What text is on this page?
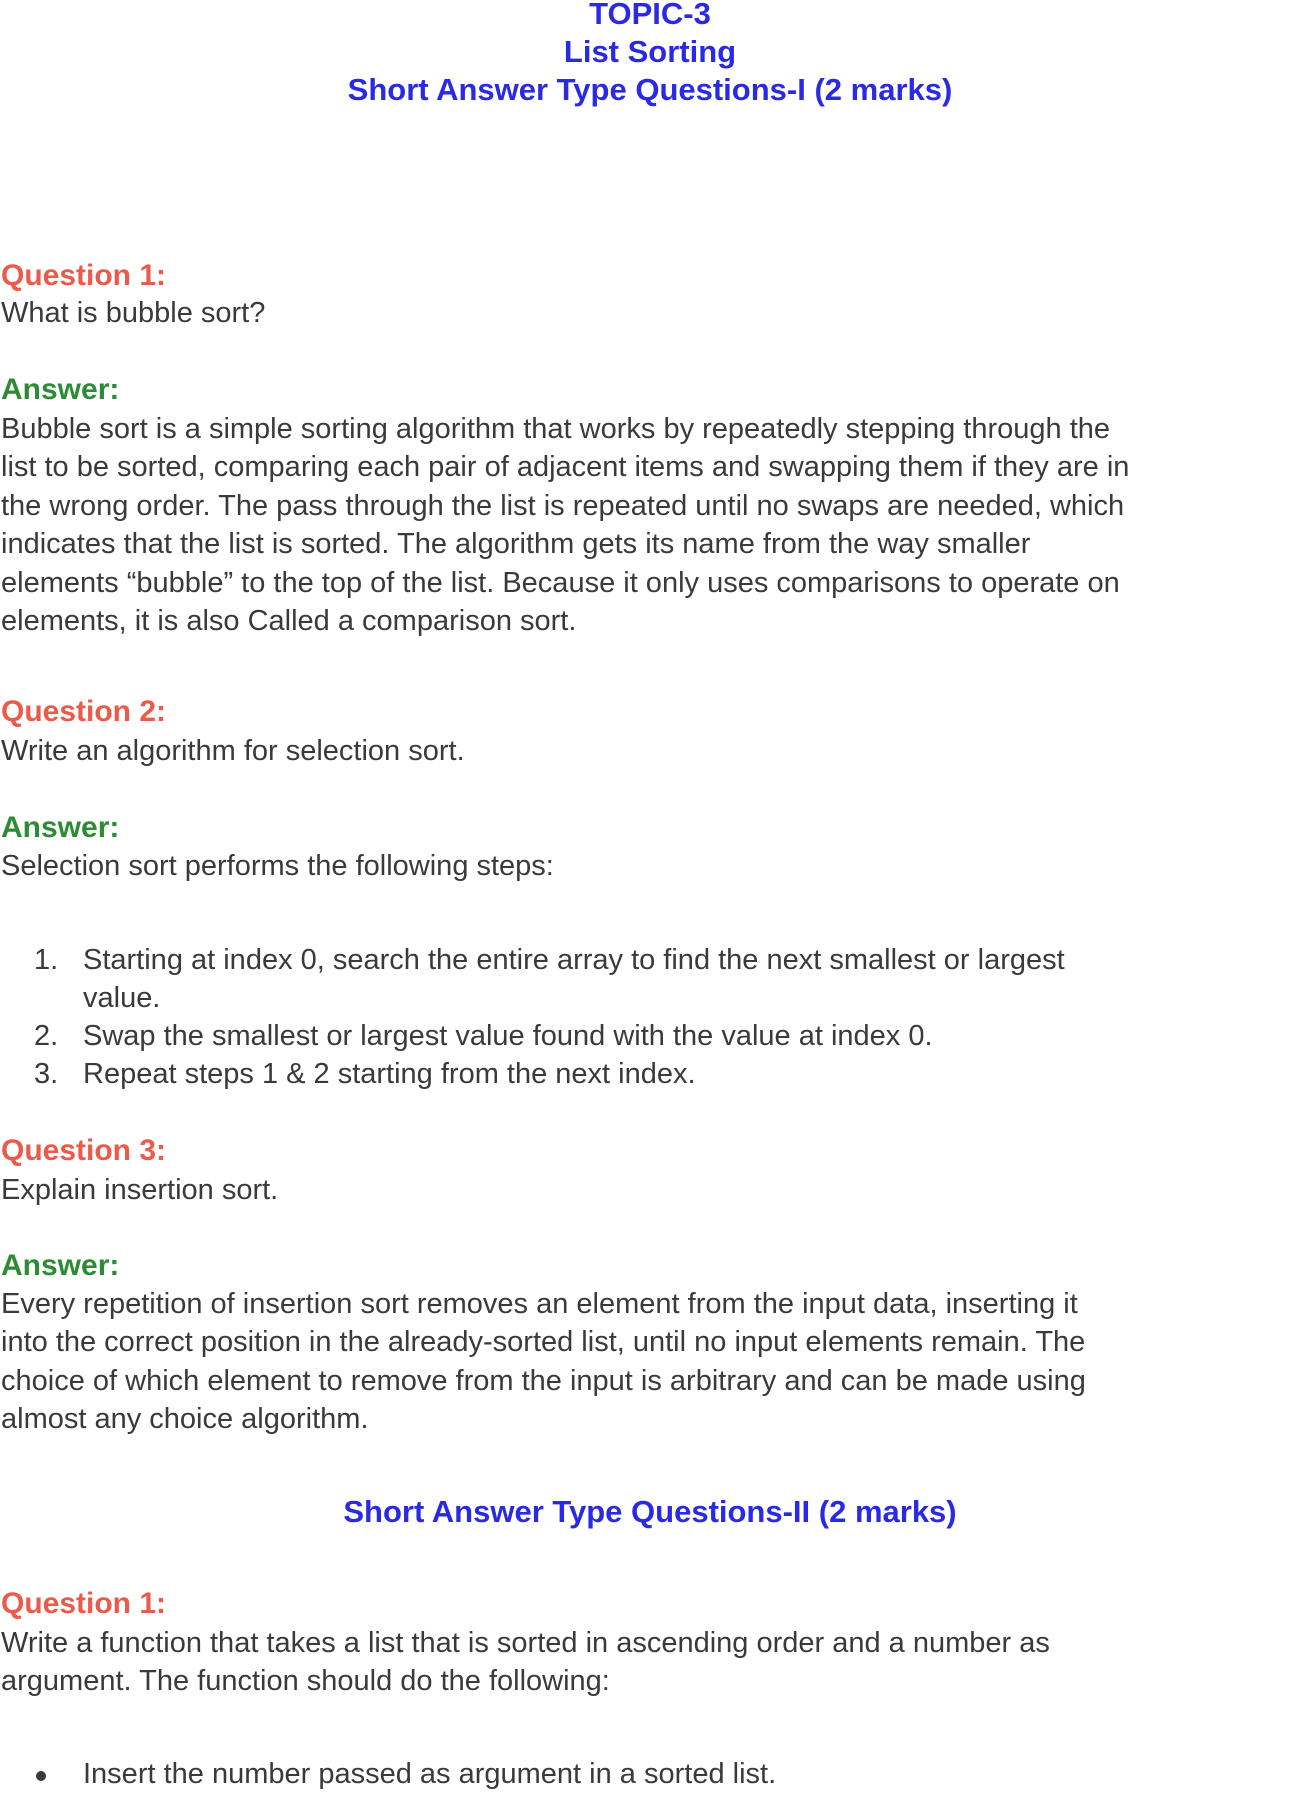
TOPIC-3
List Sorting
Short Answer Type Questions-I (2 marks)
Question 1:
What is bubble sort?
Answer:
Bubble sort is a simple sorting algorithm that works by repeatedly stepping through the
list to be sorted, comparing each pair of adjacent items and swapping them if they are in
the wrong order. The pass through the list is repeated until no swaps are needed, which
indicates that the list is sorted. The algorithm gets its name from the way smaller
elements “bubble” to the top of the list. Because it only uses comparisons to operate on
elements, it is also Called a comparison sort.
Question 2:
Write an algorithm for selection sort.
Answer:
Selection sort performs the following steps:
1. Starting at index 0, search the entire array to find the next smallest or largest
value.
2. Swap the smallest or largest value found with the value at index 0.
3. Repeat steps 1 & 2 starting from the next index.
Question 3:
Explain insertion sort.
Answer:
Every repetition of insertion sort removes an element from the input data, inserting it
into the correct position in the already-sorted list, until no input elements remain. The
choice of which element to remove from the input is arbitrary and can be made using
almost any choice algorithm.
Short Answer Type Questions-II (2 marks)
Question 1:
Write a function that takes a list that is sorted in ascending order and a number as
argument. The function should do the following:
Insert the number passed as argument in a sorted list.
